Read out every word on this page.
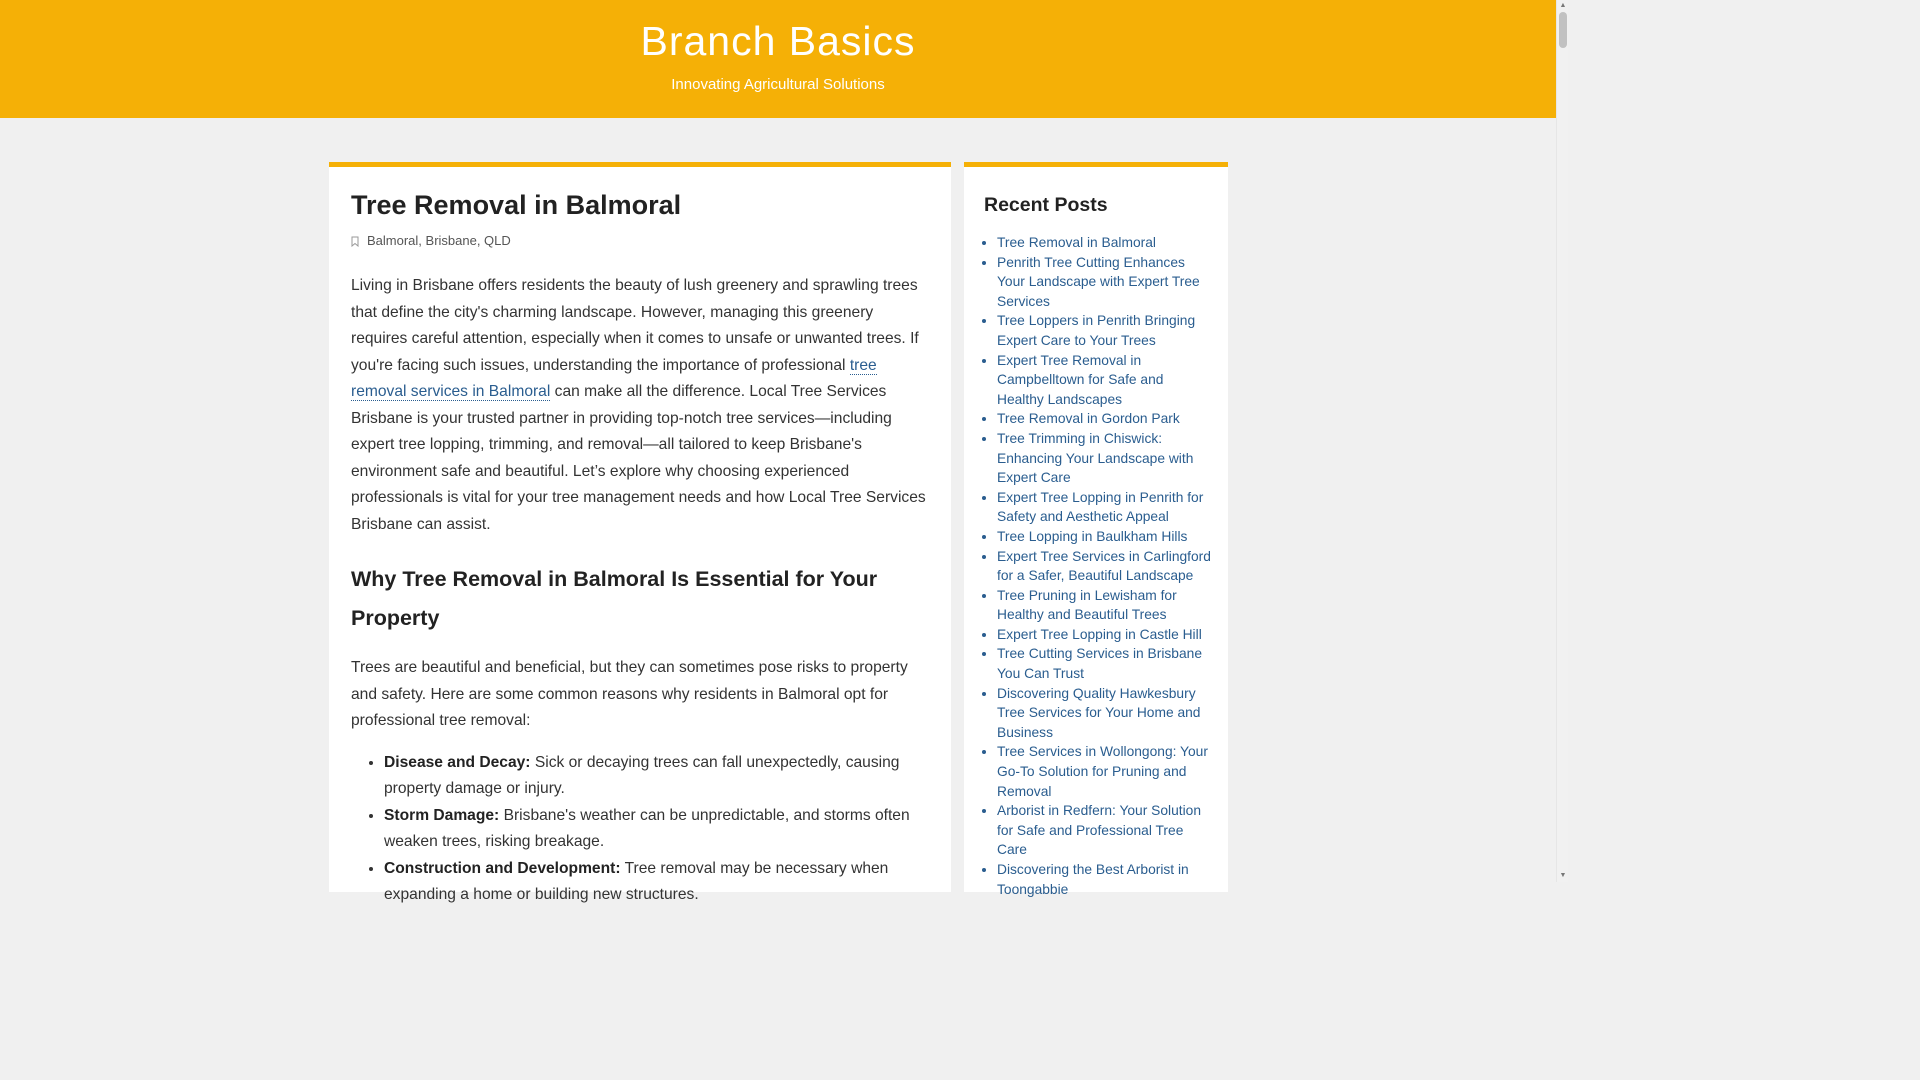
Branch Basics
Innovating Agricultural Solutions
▲
▼
Tree Removal in Balmoral
Balmoral, Brisbane, QLD

Living in Brisbane offers residents the beauty of lush greenery and sprawling trees that define the city's charming landscape. However, managing this greenery requires careful attention, especially when it comes to unsafe or unwanted trees. If you're facing such issues, understanding the importance of professional tree removal services in Balmoral can make all the difference. Local Tree Services Brisbane is your trusted partner in providing top-notch tree services—including expert tree lopping, trimming, and removal—all tailored to keep Brisbane's environment safe and beautiful. Let’s explore why choosing experienced professionals is vital for your tree management needs and how Local Tree Services Brisbane can assist.

Why Tree Removal in Balmoral Is Essential for Your Property

Trees are beautiful and beneficial, but they can sometimes pose risks to property and safety. Here are some common reasons why residents in Balmoral opt for professional tree removal:

• Disease and Decay: Sick or decaying trees can fall unexpectedly, causing property damage or injury.
• Storm Damage: Brisbane's weather can be unpredictable, and storms often weaken trees, risking breakage.
• Construction and Development: Tree removal may be necessary when expanding a home or building new structures.
Recent Posts
• Tree Removal in Balmoral
• Penrith Tree Cutting Enhances Your Landscape with Expert Tree Services
• Tree Loppers in Penrith Bringing Expert Care to Your Trees
• Expert Tree Removal in Campbelltown for Safe and Healthy Landscapes
• Tree Removal in Gordon Park
• Tree Trimming in Chiswick: Enhancing Your Landscape with Expert Care
• Expert Tree Lopping in Penrith for Safety and Aesthetic Appeal
• Tree Lopping in Baulkham Hills
• Expert Tree Services in Carlingford for a Safer, Beautiful Landscape
• Tree Pruning in Lewisham for Healthy and Beautiful Trees
• Expert Tree Lopping in Castle Hill
• Tree Cutting Services in Brisbane You Can Trust
• Discovering Quality Hawkesbury Tree Services for Your Home and Business
• Tree Services in Wollongong: Your Go-To Solution for Pruning and Removal
• Arborist in Redfern: Your Solution for Safe and Professional Tree Care
• Discovering the Best Arborist in Toongabbie
